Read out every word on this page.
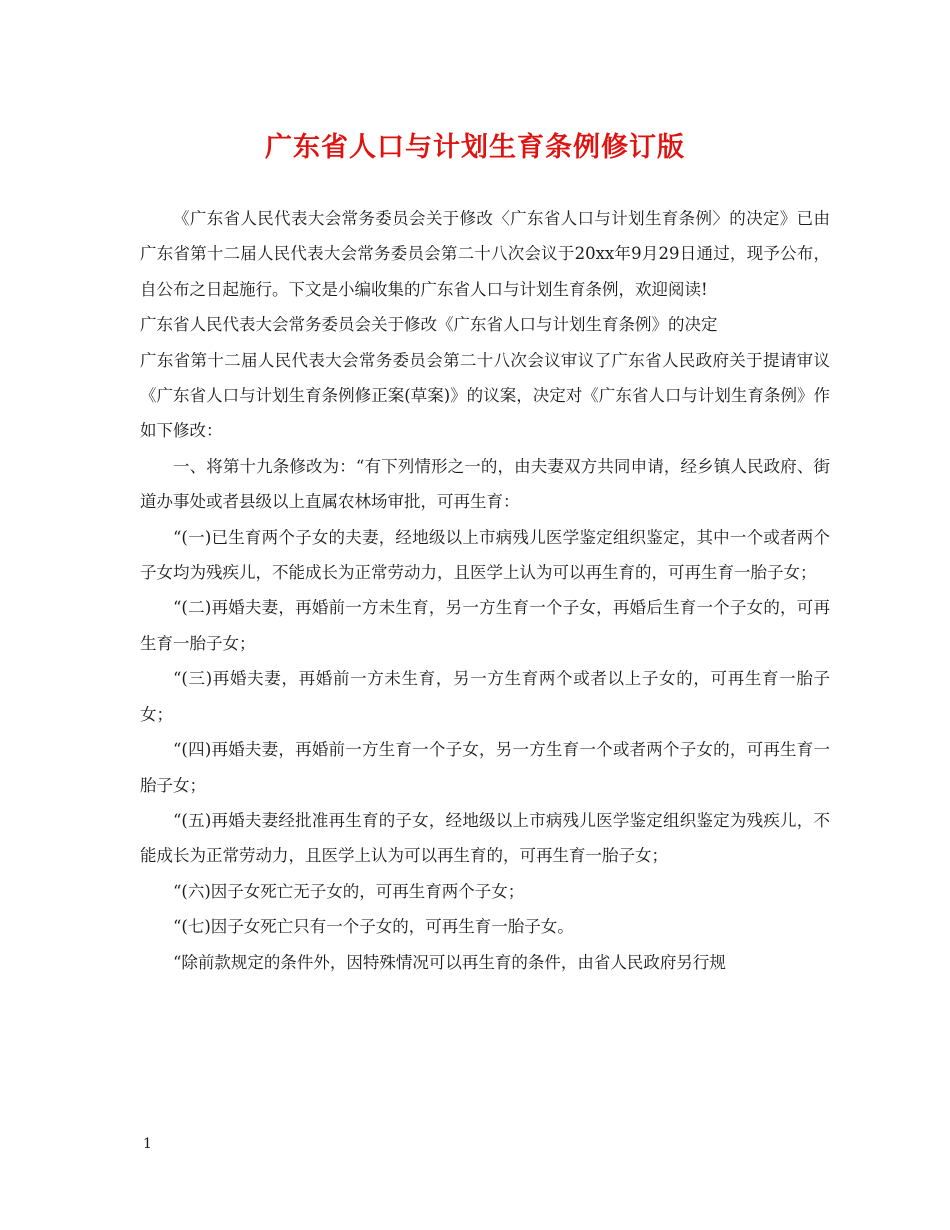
广东省人口与计划生育条例修订版

《广东省人民代表大会常务委员会关于修改〈广东省人口与计划生育条例〉的决定》已由广东省第十二届人民代表大会常务委员会第二十八次会议于20xx年9月29日通过，现予公布，自公布之日起施行。下文是小编收集的广东省人口与计划生育条例，欢迎阅读!

广东省人民代表大会常务委员会关于修改《广东省人口与计划生育条例》的决定

广东省第十二届人民代表大会常务委员会第二十八次会议审议了广东省人民政府关于提请审议《广东省人口与计划生育条例修正案(草案)》的议案，决定对《广东省人口与计划生育条例》作如下修改：

一、将第十九条修改为：“有下列情形之一的，由夫妻双方共同申请，经乡镇人民政府、街道办事处或者县级以上直属农林场审批，可再生育：

“(一)已生育两个子女的夫妻，经地级以上市病残儿医学鉴定组织鉴定，其中一个或者两个子女均为残疾儿，不能成长为正常劳动力，且医学上认为可以再生育的，可再生育一胎子女；

“(二)再婚夫妻，再婚前一方未生育，另一方生育一个子女，再婚后生育一个子女的，可再生育一胎子女；

“(三)再婚夫妻，再婚前一方未生育，另一方生育两个或者以上子女的，可再生育一胎子女；

“(四)再婚夫妻，再婚前一方生育一个子女，另一方生育一个或者两个子女的，可再生育一胎子女；

“(五)再婚夫妻经批准再生育的子女，经地级以上市病残儿医学鉴定组织鉴定为残疾儿，不能成长为正常劳动力，且医学上认为可以再生育的，可再生育一胎子女；

“(六)因子女死亡无子女的，可再生育两个子女；

“(七)因子女死亡只有一个子女的，可再生育一胎子女。

“除前款规定的条件外，因特殊情况可以再生育的条件，由省人民政府另行规

1
